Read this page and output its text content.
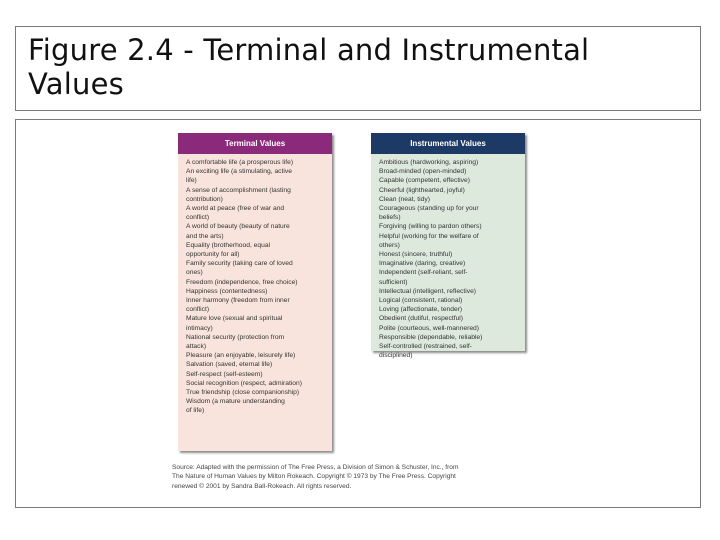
Figure 2.4 - Terminal and Instrumental
Values
Terminal Values
A comfortable life (a prosperous life)
An exciting life (a stimulating, active
life)
A sense of accomplishment (lasting
contribution)
A world at peace (free of war and
conflict)
A world of beauty (beauty of nature
and the arts)
Equality (brotherhood, equal
opportunity for all)
Family security (taking care of loved
ones)
Freedom (independence, free choice)
Happiness (contentedness)
Inner harmony (freedom from inner
conflict)
Mature love (sexual and spiritual
intimacy)
National security (protection from
attack)
Pleasure (an enjoyable, leisurely life)
Salvation (saved, eternal life)
Self-respect (self-esteem)
Social recognition (respect, admiration)
True friendship (close companionship)
Wisdom (a mature understanding
of life)
Instrumental Values
Ambitious (hardworking, aspiring)
Broad-minded (open-minded)
Capable (competent, effective)
Cheerful (lighthearted, joyful)
Clean (neat, tidy)
Courageous (standing up for your
beliefs)
Forgiving (willing to pardon others)
Helpful (working for the welfare of
others)
Honest (sincere, truthful)
Imaginative (daring, creative)
Independent (self-reliant, self-
sufficient)
Intellectual (intelligent, reflective)
Logical (consistent, rational)
Loving (affectionate, tender)
Obedient (dutiful, respectful)
Polite (courteous, well-mannered)
Responsible (dependable, reliable)
Self-controlled (restrained, self-
disciplined)
Source: Adapted with the permission of The Free Press, a Division of Simon & Schuster, Inc., from
The Nature of Human Values by Milton Rokeach. Copyright © 1973 by The Free Press. Copyright
renewed © 2001 by Sandra Ball-Rokeach. All rights reserved.
